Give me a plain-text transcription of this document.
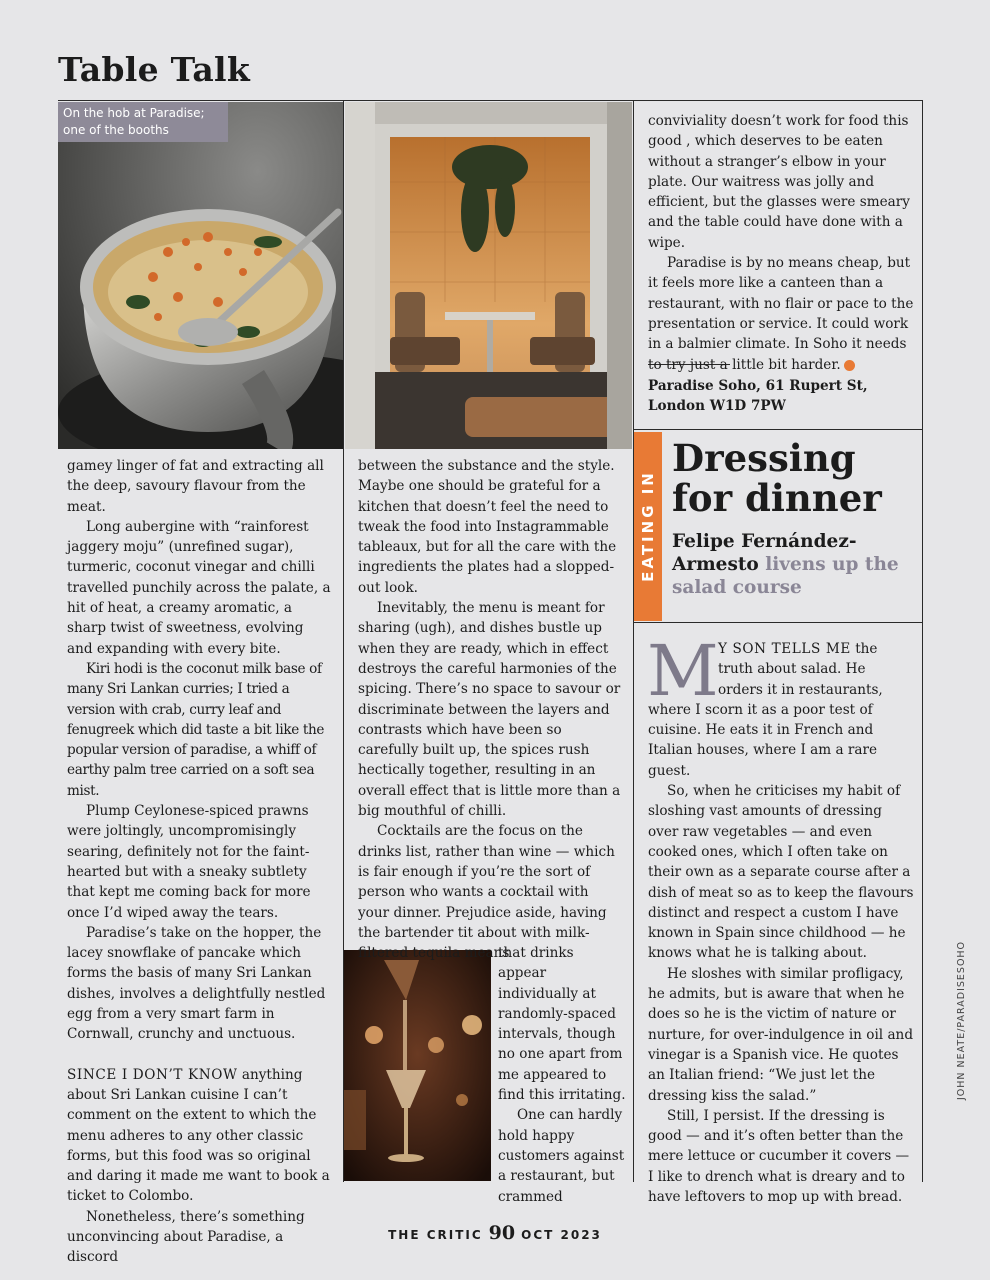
Table Talk
On the hob at Paradise; one of the booths

gamey linger of fat and extracting all the deep, savoury flavour from the meat.

Long aubergine with “rainforest jaggery moju” (unrefined sugar), turmeric, coconut vinegar and chilli travelled punchily across the palate, a hit of heat, a creamy aromatic, a sharp twist of sweetness, evolving and expanding with every bite.

Kiri hodi is the coconut milk base of many Sri Lankan curries; I tried a version with crab, curry leaf and fenugreek which did taste a bit like the popular version of paradise, a whiff of earthy palm tree carried on a soft sea mist.

Plump Ceylonese-spiced prawns were joltingly, uncompromisingly searing, definitely not for the faint-hearted but with a sneaky subtlety that kept me coming back for more once I’d wiped away the tears.

Paradise’s take on the hopper, the lacey snowflake of pancake which forms the basis of many Sri Lankan dishes, involves a delightfully nestled egg from a very smart farm in Cornwall, crunchy and unctuous.

SINCE I DON’T KNOW anything about Sri Lankan cuisine I can’t comment on the extent to which the menu adheres to any other classic forms, but this food was so original and daring it made me want to book a ticket to Colombo.

Nonetheless, there’s something unconvincing about Paradise, a discord

between the substance and the style. Maybe one should be grateful for a kitchen that doesn’t feel the need to tweak the food into Instagrammable tableaux, but for all the care with the ingredients the plates had a slopped-out look.

Inevitably, the menu is meant for sharing (ugh), and dishes bustle up when they are ready, which in effect destroys the careful harmonies of the spicing. There’s no space to savour or discriminate between the layers and contrasts which have been so carefully built up, the spices rush hectically together, resulting in an overall effect that is little more than a big mouthful of chilli.

Cocktails are the focus on the drinks list, rather than wine — which is fair enough if you’re the sort of person who wants a cocktail with your dinner. Prejudice aside, having the bartender tit about with milk-filtered tequila means

that drinks appear individually at randomly-spaced intervals, though no one apart from me appeared to find this irritating.

One can hardly hold happy customers against a restaurant, but crammed

conviviality doesn’t work for food this good , which deserves to be eaten without a stranger’s elbow in your plate. Our waitress was jolly and efficient, but the glasses were smeary and the table could have done with a wipe.

Paradise is by no means cheap, but it feels more like a canteen than a restaurant, with no flair or pace to the presentation or service. It could work in a balmier climate. In Soho it needs to try just a little bit harder.

Paradise Soho, 61 Rupert St,
London W1D 7PW
EATING IN
Dressing
for dinner
Felipe Fernández-Armesto livens up the salad course
M Y SON TELLS ME the truth about salad. He orders it in restaurants, where I scorn it as a poor test of cuisine. He eats it in French and Italian houses, where I am a rare guest.

So, when he criticises my habit of sloshing vast amounts of dressing over raw vegetables — and even cooked ones, which I often take on their own as a separate course after a dish of meat so as to keep the flavours distinct and respect a custom I have known in Spain since childhood — he knows what he is talking about.

He sloshes with similar profligacy, he admits, but is aware that when he does so he is the victim of nature or nurture, for over-indulgence in oil and vinegar is a Spanish vice. He quotes an Italian friend: “We just let the dressing kiss the salad.”

Still, I persist. If the dressing is good — and it’s often better than the mere lettuce or cucumber it covers — I like to drench what is dreary and to have leftovers to mop up with bread.

THE CRITIC 90 OCT 2023
JOHN NEATE/PARADISESOHO
